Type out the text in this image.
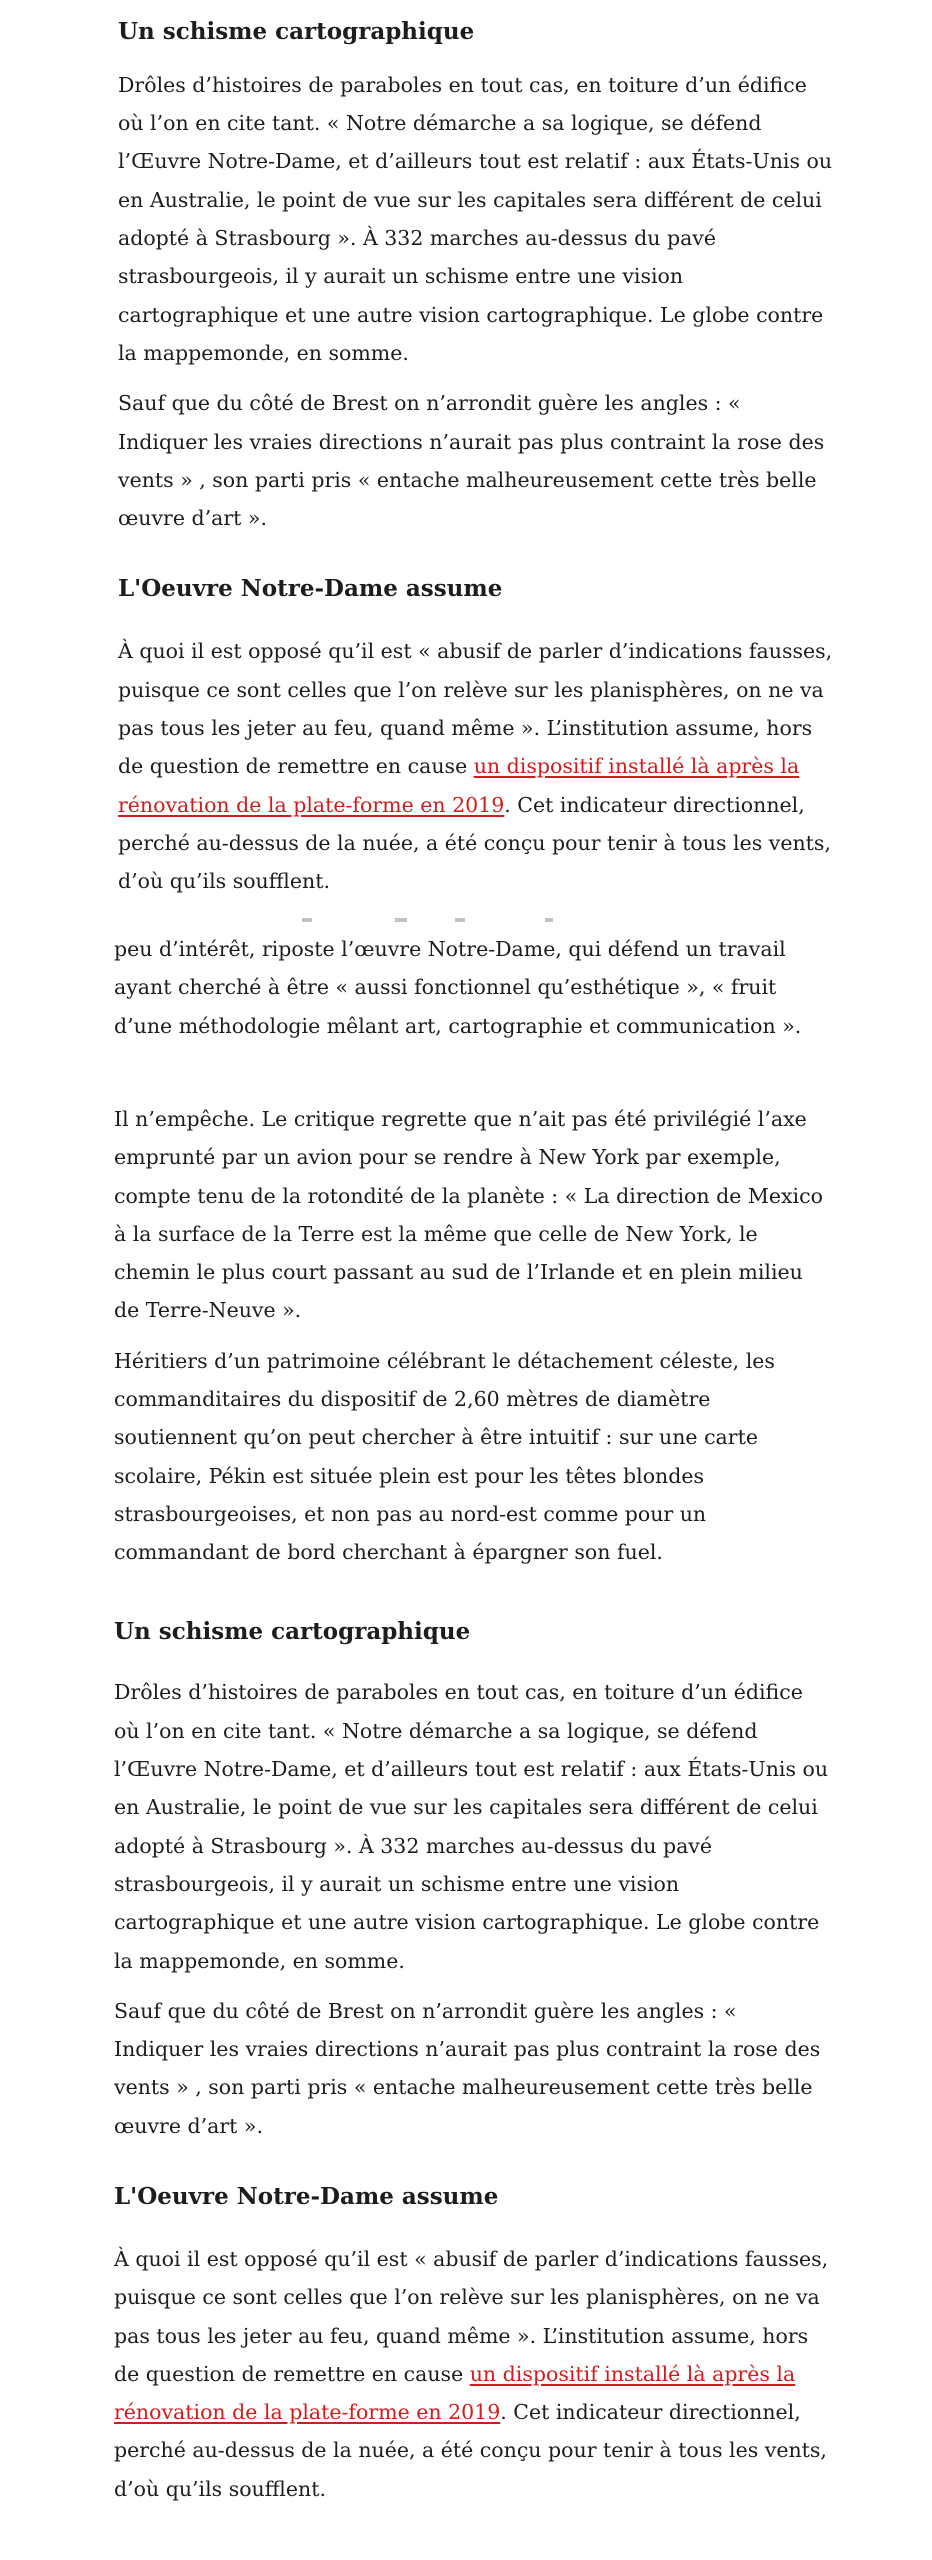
Un schisme cartographique

Drôles d’histoires de paraboles en tout cas, en toiture d’un édifice où l’on en cite tant. « Notre démarche a sa logique, se défend l’Œuvre Notre-Dame, et d’ailleurs tout est relatif : aux États-Unis ou en Australie, le point de vue sur les capitales sera différent de celui adopté à Strasbourg ». À 332 marches au-dessus du pavé strasbourgeois, il y aurait un schisme entre une vision cartographique et une autre vision cartographique. Le globe contre la mappemonde, en somme.

Sauf que du côté de Brest on n’arrondit guère les angles : « Indiquer les vraies directions n’aurait pas plus contraint la rose des vents » , son parti pris « entache malheureusement cette très belle œuvre d’art ».

L'Oeuvre Notre-Dame assume

À quoi il est opposé qu’il est « abusif de parler d’indications fausses, puisque ce sont celles que l’on relève sur les planisphères, on ne va pas tous les jeter au feu, quand même ». L’institution assume, hors de question de remettre en cause un dispositif installé là après la rénovation de la plate-forme en 2019. Cet indicateur directionnel, perché au-dessus de la nuée, a été conçu pour tenir à tous les vents, d’où qu’ils soufflent.

peu d’intérêt, riposte l’œuvre Notre-Dame, qui défend un travail ayant cherché à être « aussi fonctionnel qu’esthétique », « fruit d’une méthodologie mêlant art, cartographie et communication ».

Il n’empêche. Le critique regrette que n’ait pas été privilégié l’axe emprunté par un avion pour se rendre à New York par exemple, compte tenu de la rotondité de la planète : « La direction de Mexico à la surface de la Terre est la même que celle de New York, le chemin le plus court passant au sud de l’Irlande et en plein milieu de Terre-Neuve ».

Héritiers d’un patrimoine célébrant le détachement céleste, les commanditaires du dispositif de 2,60 mètres de diamètre soutiennent qu’on peut chercher à être intuitif : sur une carte scolaire, Pékin est située plein est pour les têtes blondes strasbourgeoises, et non pas au nord-est comme pour un commandant de bord cherchant à épargner son fuel.

Un schisme cartographique

Drôles d’histoires de paraboles en tout cas, en toiture d’un édifice où l’on en cite tant. « Notre démarche a sa logique, se défend l’Œuvre Notre-Dame, et d’ailleurs tout est relatif : aux États-Unis ou en Australie, le point de vue sur les capitales sera différent de celui adopté à Strasbourg ». À 332 marches au-dessus du pavé strasbourgeois, il y aurait un schisme entre une vision cartographique et une autre vision cartographique. Le globe contre la mappemonde, en somme.

Sauf que du côté de Brest on n’arrondit guère les angles : « Indiquer les vraies directions n’aurait pas plus contraint la rose des vents » , son parti pris « entache malheureusement cette très belle œuvre d’art ».

L'Oeuvre Notre-Dame assume

À quoi il est opposé qu’il est « abusif de parler d’indications fausses, puisque ce sont celles que l’on relève sur les planisphères, on ne va pas tous les jeter au feu, quand même ». L’institution assume, hors de question de remettre en cause un dispositif installé là après la rénovation de la plate-forme en 2019. Cet indicateur directionnel, perché au-dessus de la nuée, a été conçu pour tenir à tous les vents, d’où qu’ils soufflent.
